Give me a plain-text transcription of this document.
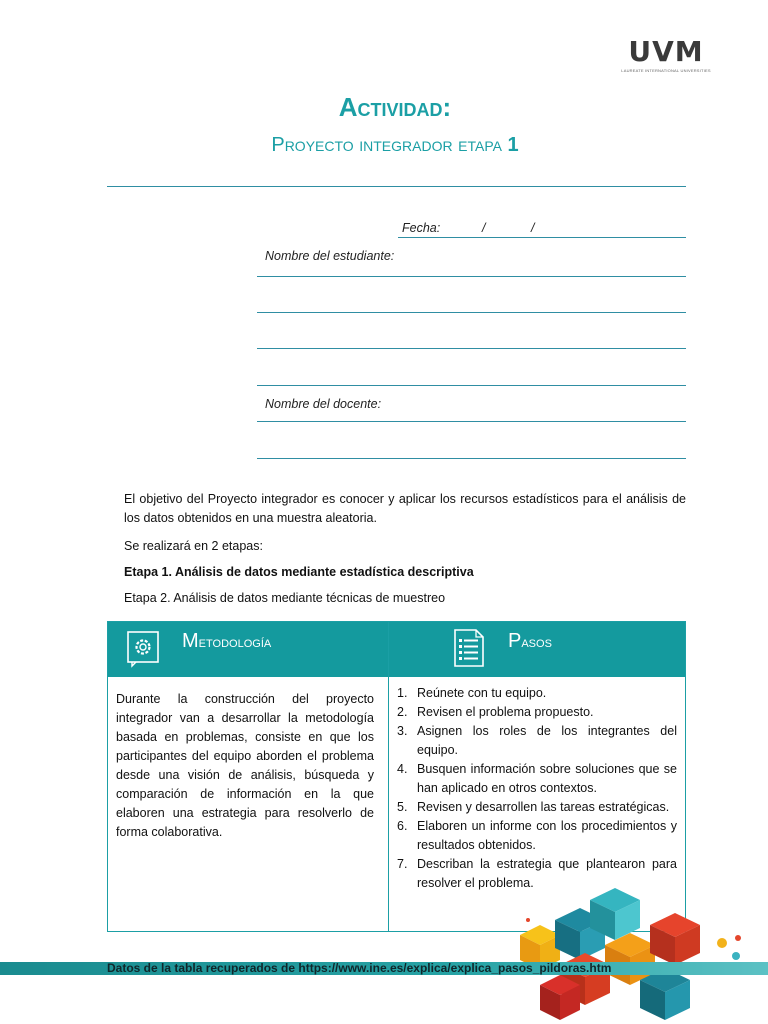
UVM
LAUREATE INTERNATIONAL UNIVERSITIES
Actividad:
Proyecto integrador etapa 1
Fecha:	/	/
Nombre del estudiante:
Nombre del docente:
El objetivo del Proyecto integrador es conocer y aplicar los recursos estadísticos para el análisis de los datos obtenidos en una muestra aleatoria.
Se realizará en 2 etapas:
Etapa 1. Análisis de datos mediante estadística descriptiva
Etapa 2. Análisis de datos mediante técnicas de muestreo
Metodología	Pasos
Durante la construcción del proyecto integrador van a desarrollar la metodología basada en problemas, consiste en que los participantes del equipo aborden el problema desde una visión de análisis, búsqueda y comparación de información en la que elaboren una estrategia para resolverlo de forma colaborativa.
1. Reúnete con tu equipo.
2. Revisen el problema propuesto.
3. Asignen los roles de los integrantes del equipo.
4. Busquen información sobre soluciones que se han aplicado en otros contextos.
5. Revisen y desarrollen las tareas estratégicas.
6. Elaboren un informe con los procedimientos y resultados obtenidos.
7. Describan la estrategia que plantearon para resolver el problema.
Datos de la tabla recuperados de https://www.ine.es/explica/explica_pasos_pildoras.htm
